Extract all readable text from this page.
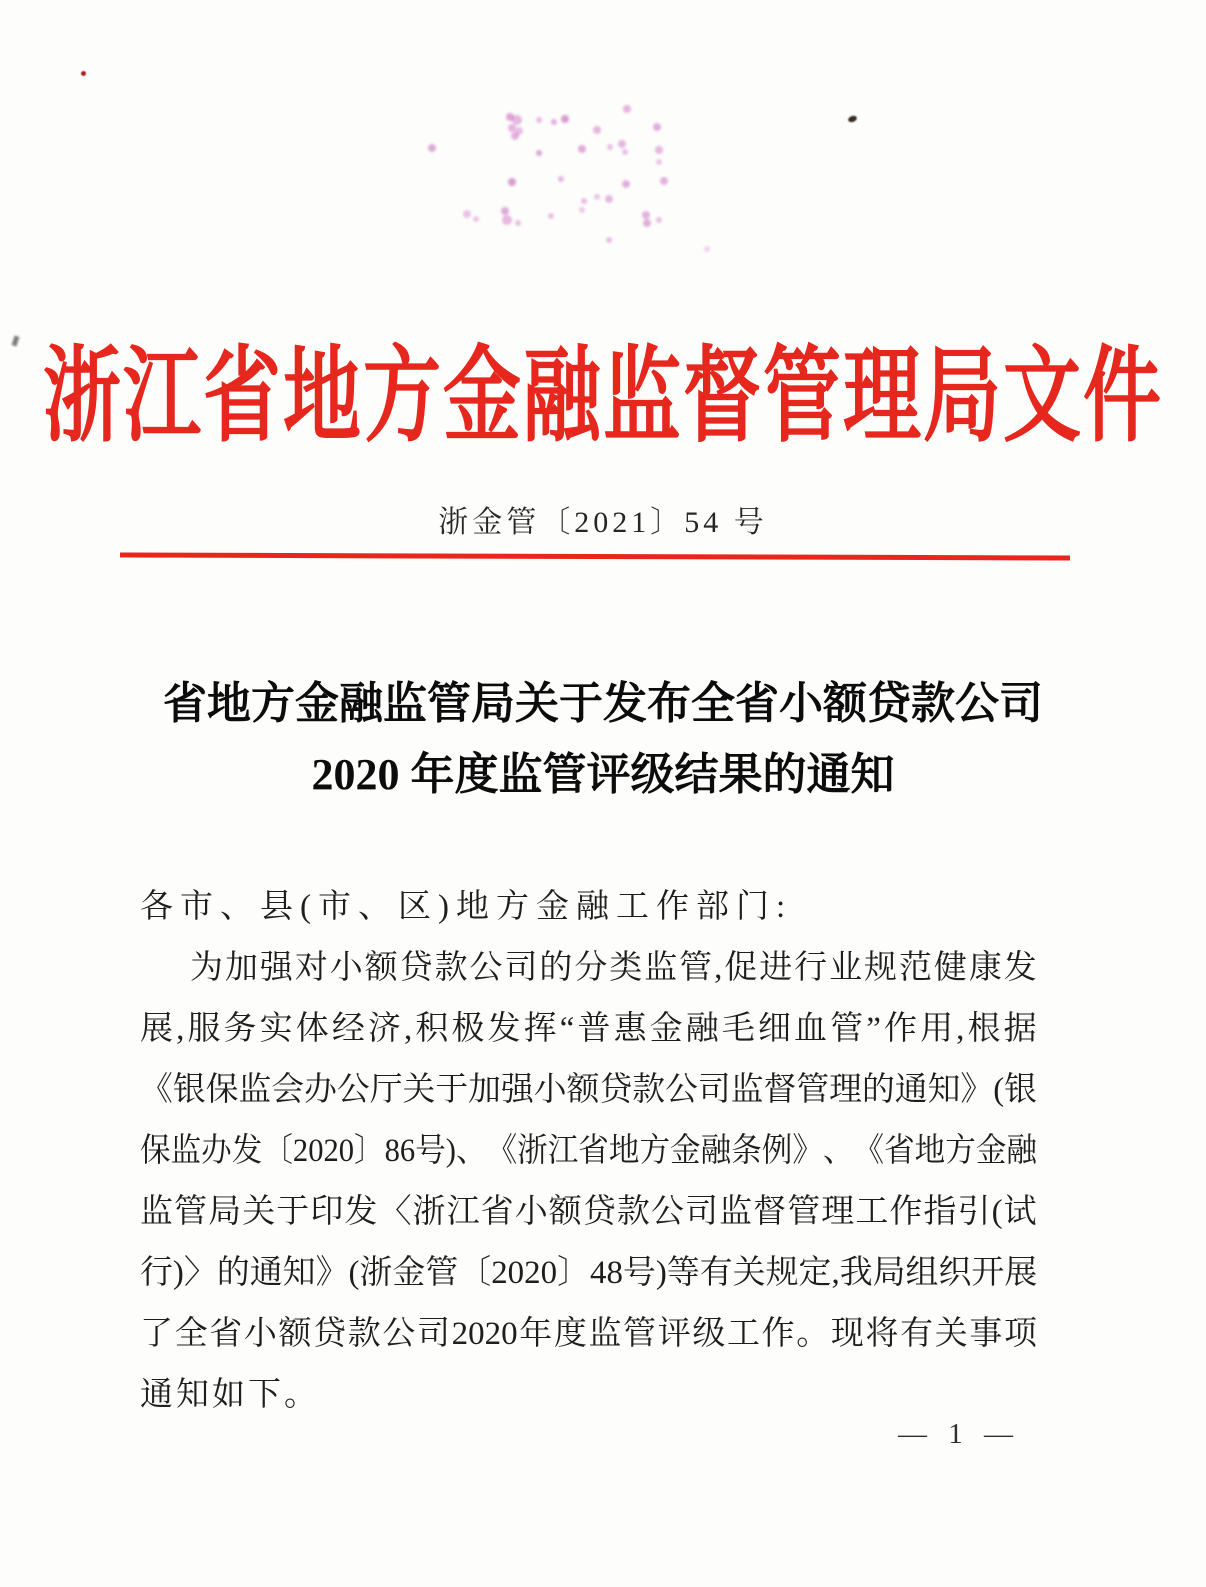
浙江省地方金融监督管理局文件
浙金管〔2021〕54 号
省地方金融监管局关于发布全省小额贷款公司
2020 年度监管评级结果的通知
各市、县(市、区)地方金融工作部门:
为 加 强 对 小 额 贷 款 公 司 的 分 类 监 管 , 促 进 行 业 规 范 健 康 发
展 , 服 务 实 体 经 济 , 积 极 发 挥 “ 普 惠 金 融 毛 细 血 管 ” 作 用 , 根 据
《 银 保 监 会 办 公 厅 关 于 加 强 小 额 贷 款 公 司 监 督 管 理 的 通 知 》 ( 银
保 监 办 发 〔 2020 〕 86 号 ) 、 《 浙 江 省 地 方 金 融 条 例 》 、 《 省 地 方 金 融
监 管 局 关 于 印 发 〈 浙 江 省 小 额 贷 款 公 司 监 督 管 理 工 作 指 引 ( 试
行 ) 〉 的 通 知 》 ( 浙 金 管 〔 2020 〕 48 号 ) 等 有 关 规 定 , 我 局 组 织 开 展
了 全 省 小 额 贷 款 公 司 2020 年 度 监 管 评 级 工 作 。 现 将 有 关 事 项
通知如下。
— 1 —
